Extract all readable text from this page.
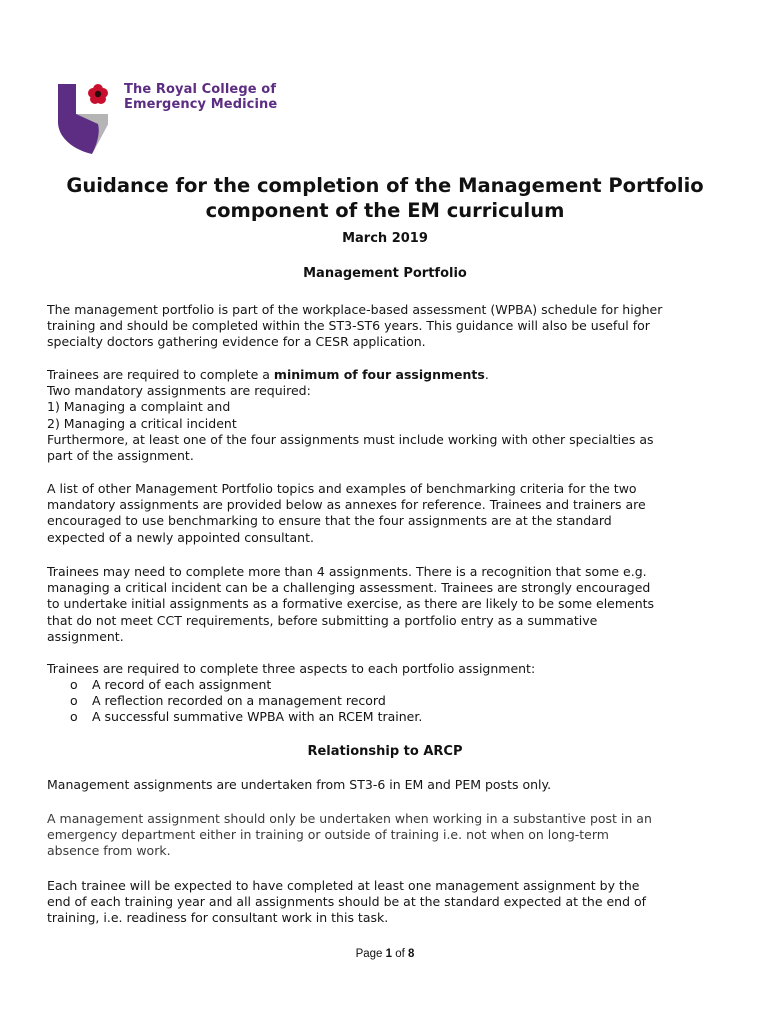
The Royal College of
Emergency Medicine
Guidance for the completion of the Management Portfolio
component of the EM curriculum
March 2019
Management Portfolio

The management portfolio is part of the workplace-based assessment (WPBA) schedule for higher
training and should be completed within the ST3-ST6 years. This guidance will also be useful for
specialty doctors gathering evidence for a CESR application.

Trainees are required to complete a minimum of four assignments.
Two mandatory assignments are required:
1) Managing a complaint and
2) Managing a critical incident
Furthermore, at least one of the four assignments must include working with other specialties as
part of the assignment.

A list of other Management Portfolio topics and examples of benchmarking criteria for the two
mandatory assignments are provided below as annexes for reference. Trainees and trainers are
encouraged to use benchmarking to ensure that the four assignments are at the standard
expected of a newly appointed consultant.

Trainees may need to complete more than 4 assignments. There is a recognition that some e.g.
managing a critical incident can be a challenging assessment. Trainees are strongly encouraged
to undertake initial assignments as a formative exercise, as there are likely to be some elements
that do not meet CCT requirements, before submitting a portfolio entry as a summative
assignment.

Trainees are required to complete three aspects to each portfolio assignment:

o A record of each assignment
o A reflection recorded on a management record
o A successful summative WPBA with an RCEM trainer.
Relationship to ARCP

Management assignments are undertaken from ST3-6 in EM and PEM posts only.

A management assignment should only be undertaken when working in a substantive post in an
emergency department either in training or outside of training i.e. not when on long-term
absence from work.

Each trainee will be expected to have completed at least one management assignment by the
end of each training year and all assignments should be at the standard expected at the end of
training, i.e. readiness for consultant work in this task.

Page 1 of 8
